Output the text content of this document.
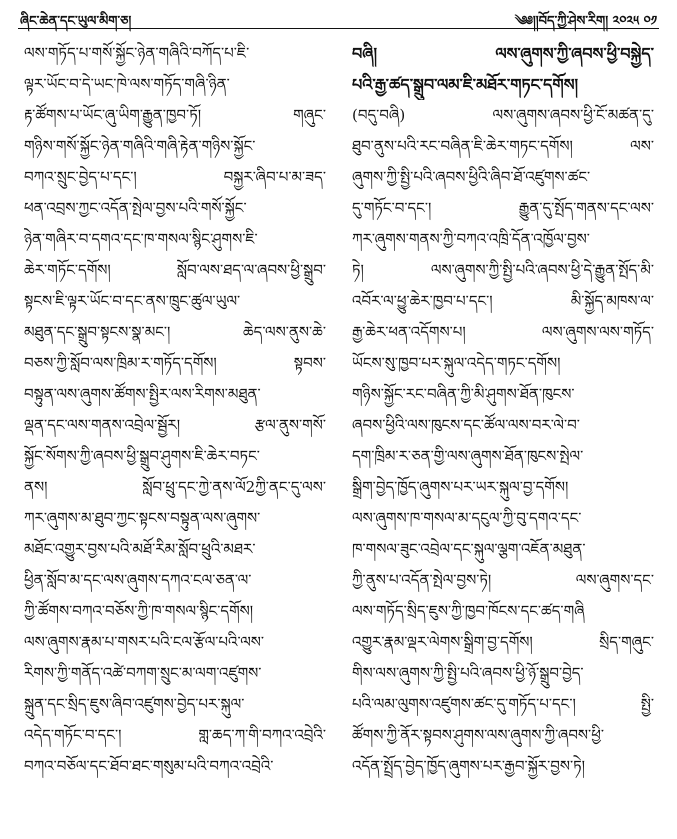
ཞིང་ཆེན་དང་ཡུལ་མིག་ཅ།	༄༅།།བོད་ཀྱི་ཤེས་རིག། ༢༠༢༥ ༠༡
ལས་གཏོད་པ་གསོ་སྐྱོང་ཉེན་གཞིའི་བཀོད་པ་ཇི་
ལྟར་ཡོང་བ་དེ་ཡང་ཁེ་ལས་གཏོད་གཞི་ཉིན་
རྟ་ཚོགས་པ་ཡོང་ཞུ་ཡིག་རྒྱུན་ཁྱབ་ཏོ། གཞུང་
གཉིས་གསོ་སྐྱོང་ཉེན་གཞིའི་གཞི་རྟེན་གཉིས་སྐྱོང་
བཀའ་སྲུང་བྱེད་པ་དང་། བསྐྱར་ཞིབ་པ་མ་ཟད་
ཕན་འབྲས་ཀྱང་འདོན་སྤེལ་བྱས་པའི་གསོ་སྐྱོང་
ཉེན་གཞིར་བ་དགའ་དང་ཁ་གསལ་སྙིང་ཤུགས་ཇི་
ཆེར་གཏོང་དགོས། སློབ་ལས་ཐད་ལ་ཞབས་ཕྱི་སྒྲུབ་
སྟངས་ཇི་ལྟར་ཡོང་བ་དང་ནས་ཁྲུང་ཚུལ་ཡུལ་
མཐུན་དང་སྒྲུབ་སྟངས་སྣ་མང་། ཆེད་ལས་ནུས་ཆེ་
བཅས་ཀྱི་སློབ་ལས་ཁྲིམ་ར་གཏོད་དགོས། སྟབས་
བསྟུན་ལས་ཞུགས་ཚོགས་སྤྱིར་ལས་རིགས་མཐུན་
ལྡན་དང་ལས་གནས་འབྲེལ་སྦྱོར། རྩལ་ནུས་གསོ་
སྐྱོང་སོགས་ཀྱི་ཞབས་ཕྱི་སྒྲུབ་ཤུགས་ཇི་ཆེར་བཏང་
ནས། སློབ་ཕྲུ་དང་ཀྱེ་ནས་ལོ2ཀྱི་ནང་དུ་ལས་
ཀར་ཞུགས་མ་ཐུབ་ཀྱང་སྟངས་བསྟུན་ལས་ཞུགས་
མཐོང་འགྱུར་བྱས་པའི་མཐོ་རིམ་སློབ་ཕྲུའི་མཐར་
ཕྱིན་སློབ་མ་དང་ལས་ཞུགས་དཀའ་ངལ་ཅན་ལ་
ཀྱི་ཚོགས་བཀའ་བཅོས་ཀྱི་ཁ་གསལ་སྙིང་དགོས།
ལས་ཞུགས་རྣམ་པ་གསར་པའི་ངལ་རྩོལ་པའི་ལས་
རིགས་ཀྱི་གནོད་འཚེ་བཀག་སྲུང་མ་ལག་འཛུགས་
སྐྲུན་དང་སྲིད་ཇུས་ཞིབ་འཛུགས་བྱེད་པར་སྐུལ་
འདེད་གཏོང་བ་དང་། གླ་ཆད་ཀ་གི་བཀའ་འབྲེའི་
བཀའ་བཅོལ་དང་ཐོབ་ཐང་གསུམ་པའི་བཀའ་འབྲེའི་
བཞི། ལས་ཞུགས་ཀྱི་ཞབས་ཕྱི་བསྐྱེད་
པའི་རྒྱ་ཚད་སྒྲུབ་ལམ་ཇི་མཐོར་གཏང་དགོས།
(བདུ་བཞི) ལས་ཞུགས་ཞབས་ཕྱི་ངོ་མཚན་དུ་
ཐུབ་ནུས་པའི་རང་བཞིན་ཇི་ཆེར་གཏང་དགོས། ལས་
ཞུགས་ཀྱི་སྤྱི་པའི་ཞབས་ཕྱིའི་ཞིབ་ཐོ་འཛུགས་ཚང་
དུ་གཏོང་བ་དང་། རྒྱུན་དུ་སྤོད་གནས་དང་ལས་
ཀར་ཞུགས་གནས་ཀྱི་བཀའ་འཁྲི་དོན་འཁྱོལ་བྱས་
ཏེ། ལས་ཞུགས་ཀྱི་སྤྱི་པའི་ཞབས་ཕྱི་དེ་རྒྱུན་སྤོད་མི་
འབོར་ལ་ཕྱུ་ཆེར་ཁྱབ་པ་དང་། མི་སྐྱོད་མཁས་ལ་
རྒྱ་ཆེར་ཕན་འདོགས་པ། ལས་ཞུགས་ལས་གཏོད་
ཡོངས་སུ་ཁྱབ་པར་སྐུལ་འདེད་གཏང་དགོས།
གཉིས་སྐྱོང་རང་བཞིན་ཀྱི་མི་ཤུགས་ཐོན་ཁུངས་
ཞབས་ཕྱིའི་ལས་ཁུངས་དང་ཚོལ་ལས་བར་ལེ་བ་
དག་ཁྲིམ་ར་ཅན་གྱི་ལས་ཞུགས་ཐོན་ཁུངས་སྤེལ་
སྒྲིག་བྱེད་ཁྱོད་ཞུགས་པར་ཡར་སྐུལ་བྱ་དགོས།
ལས་ཞུགས་ཁ་གསལ་མ་དངུལ་ཀྱི་བུ་དགའ་དང་
ཁ་གསལ་ཟུང་འབྲེལ་དང་སྐུལ་ལྕག་འཇོན་མཐུན་
ཀྱི་ནུས་པ་འདོན་སྤེལ་བྱས་ཏེ། ལས་ཞུགས་དང་
ལས་གཏོད་སྲིད་ཇུས་ཀྱི་ཁྱབ་ཁོངས་དང་ཚད་གཞི
འགྱུར་རྣམ་ལྡར་ལེགས་སྒྲིག་བྱ་དགོས། སྲིད་གཞུང་
གིས་ལས་ཞུགས་ཀྱི་སྤྱི་པའི་ཞབས་ཕྱི་ཉོ་སྒྲུབ་བྱེད་
པའི་ལམ་ལུགས་འཛུགས་ཚང་དུ་གཏོད་པ་དང་། སྤྱི་
ཚོགས་ཀྱི་ནོར་སྟབས་ཤུགས་ལས་ཞུགས་ཀྱི་ཞབས་ཕྱི་
འདོན་སྤྲོད་བྱེད་ཁྱོད་ཞུགས་པར་རྒྱབ་སྐྱོར་བྱས་ཏེ།
